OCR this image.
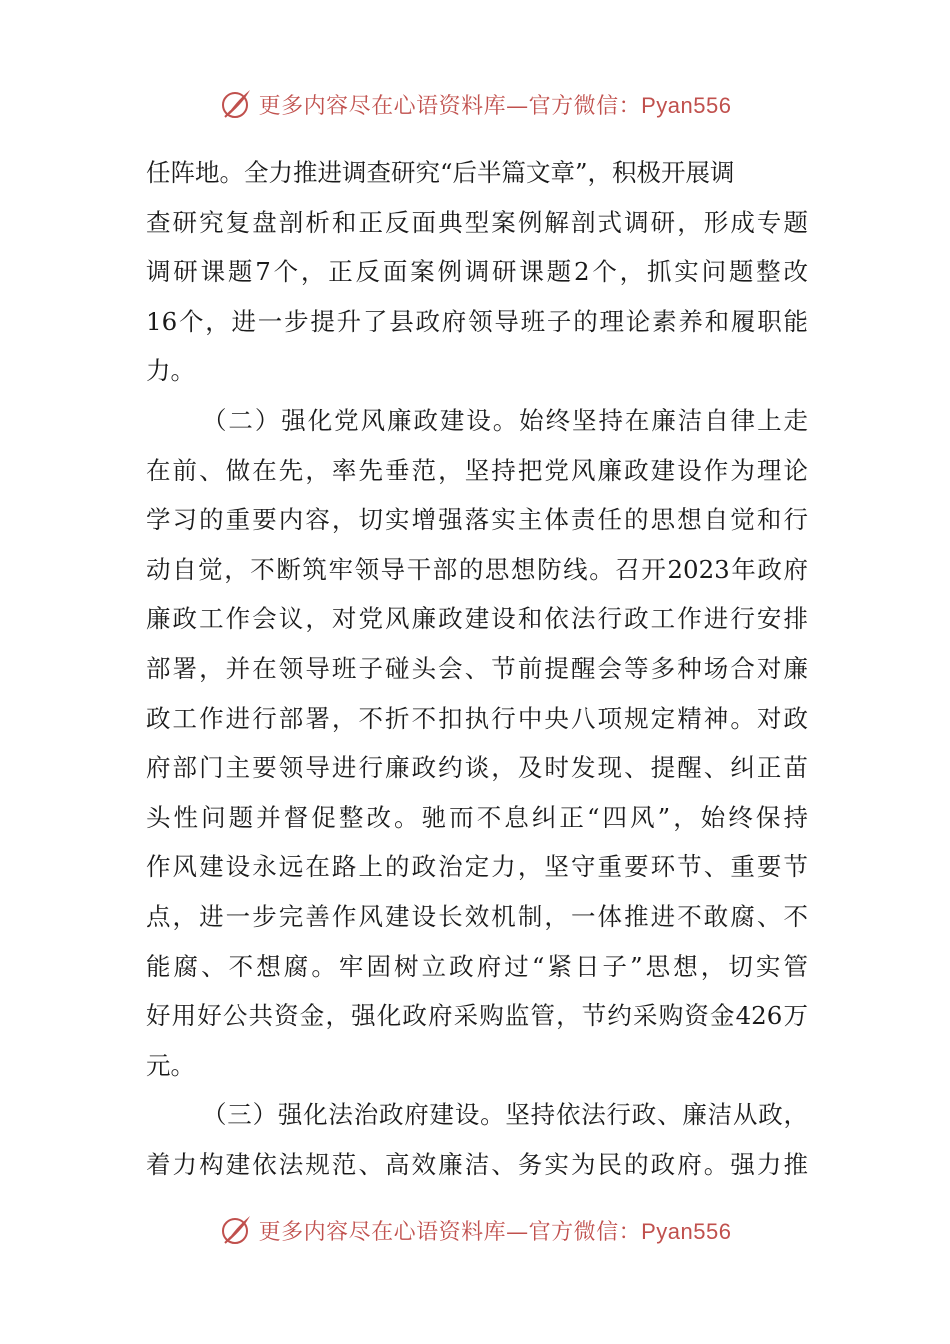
更多内容尽在心语资料库—官方微信：Pyan556
任阵地。全力推进调查研究“后半篇文章”，积极开展调
查研究复盘剖析和正反面典型案例解剖式调研，形成专题
调研课题7个，正反面案例调研课题2个，抓实问题整改
16个，进一步提升了县政府领导班子的理论素养和履职能
力。
（二）强化党风廉政建设。始终坚持在廉洁自律上走
在前、做在先，率先垂范，坚持把党风廉政建设作为理论
学习的重要内容，切实增强落实主体责任的思想自觉和行
动自觉，不断筑牢领导干部的思想防线。召开2023年政府
廉政工作会议，对党风廉政建设和依法行政工作进行安排
部署，并在领导班子碰头会、节前提醒会等多种场合对廉
政工作进行部署，不折不扣执行中央八项规定精神。对政
府部门主要领导进行廉政约谈，及时发现、提醒、纠正苗
头性问题并督促整改。驰而不息纠正“四风”，始终保持
作风建设永远在路上的政治定力，坚守重要环节、重要节
点，进一步完善作风建设长效机制，一体推进不敢腐、不
能腐、不想腐。牢固树立政府过“紧日子”思想，切实管
好用好公共资金，强化政府采购监管，节约采购资金426万
元。
（三）强化法治政府建设。坚持依法行政、廉洁从政，
着力构建依法规范、高效廉洁、务实为民的政府。强力推
更多内容尽在心语资料库—官方微信：Pyan556
